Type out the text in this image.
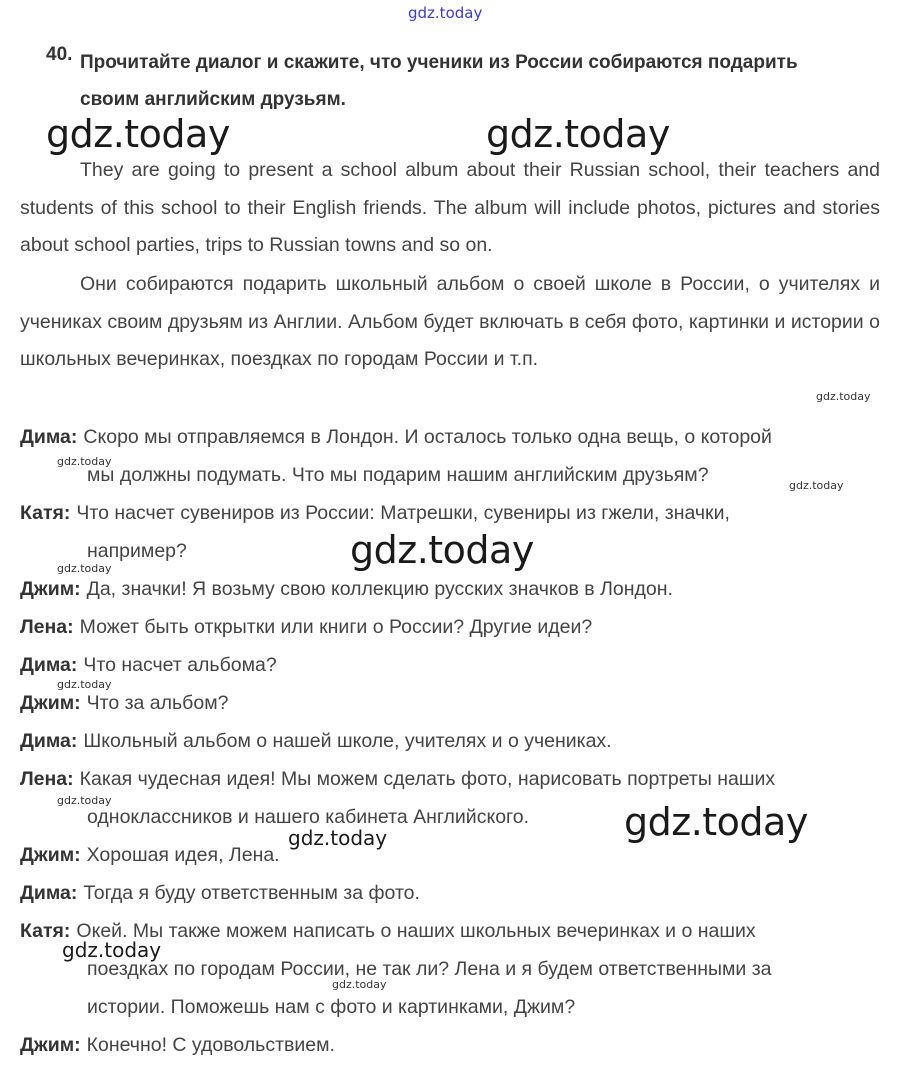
gdz.today
gdz.today	gdz.today
gdz.today
gdz.today
gdz.today
gdz.today
gdz.today
gdz.today
gdz.today
gdz.today
gdz.today
gdz.today
gdz.today
40. Прочитайте диалог и скажите, что ученики из России собираются подарить своим английским друзьям.
They are going to present a school album about their Russian school, their teachers and students of this school to their English friends. The album will include photos, pictures and stories about school parties, trips to Russian towns and so on.
Они собираются подарить школьный альбом о своей школе в России, о учителях и учениках своим друзьям из Англии. Альбом будет включать в себя фото, картинки и истории о школьных вечеринках, поездках по городам России и т.п.
Дима: Скоро мы отправляемся в Лондон. И осталось только одна вещь, о которой
мы должны подумать. Что мы подарим нашим английским друзьям?
Катя: Что насчет сувениров из России: Матрешки, сувениры из гжели, значки,
например?
Джим: Да, значки! Я возьму свою коллекцию русских значков в Лондон.
Лена: Может быть открытки или книги о России? Другие идеи?
Дима: Что насчет альбома?
Джим: Что за альбом?
Дима: Школьный альбом о нашей школе, учителях и о учениках.
Лена: Какая чудесная идея! Мы можем сделать фото, нарисовать портреты наших
одноклассников и нашего кабинета Английского.
Джим: Хорошая идея, Лена.
Дима: Тогда я буду ответственным за фото.
Катя: Окей. Мы также можем написать о наших школьных вечеринках и о наших
поездках по городам России, не так ли? Лена и я будем ответственными за
истории. Поможешь нам с фото и картинками, Джим?
Джим: Конечно! С удовольствием.
